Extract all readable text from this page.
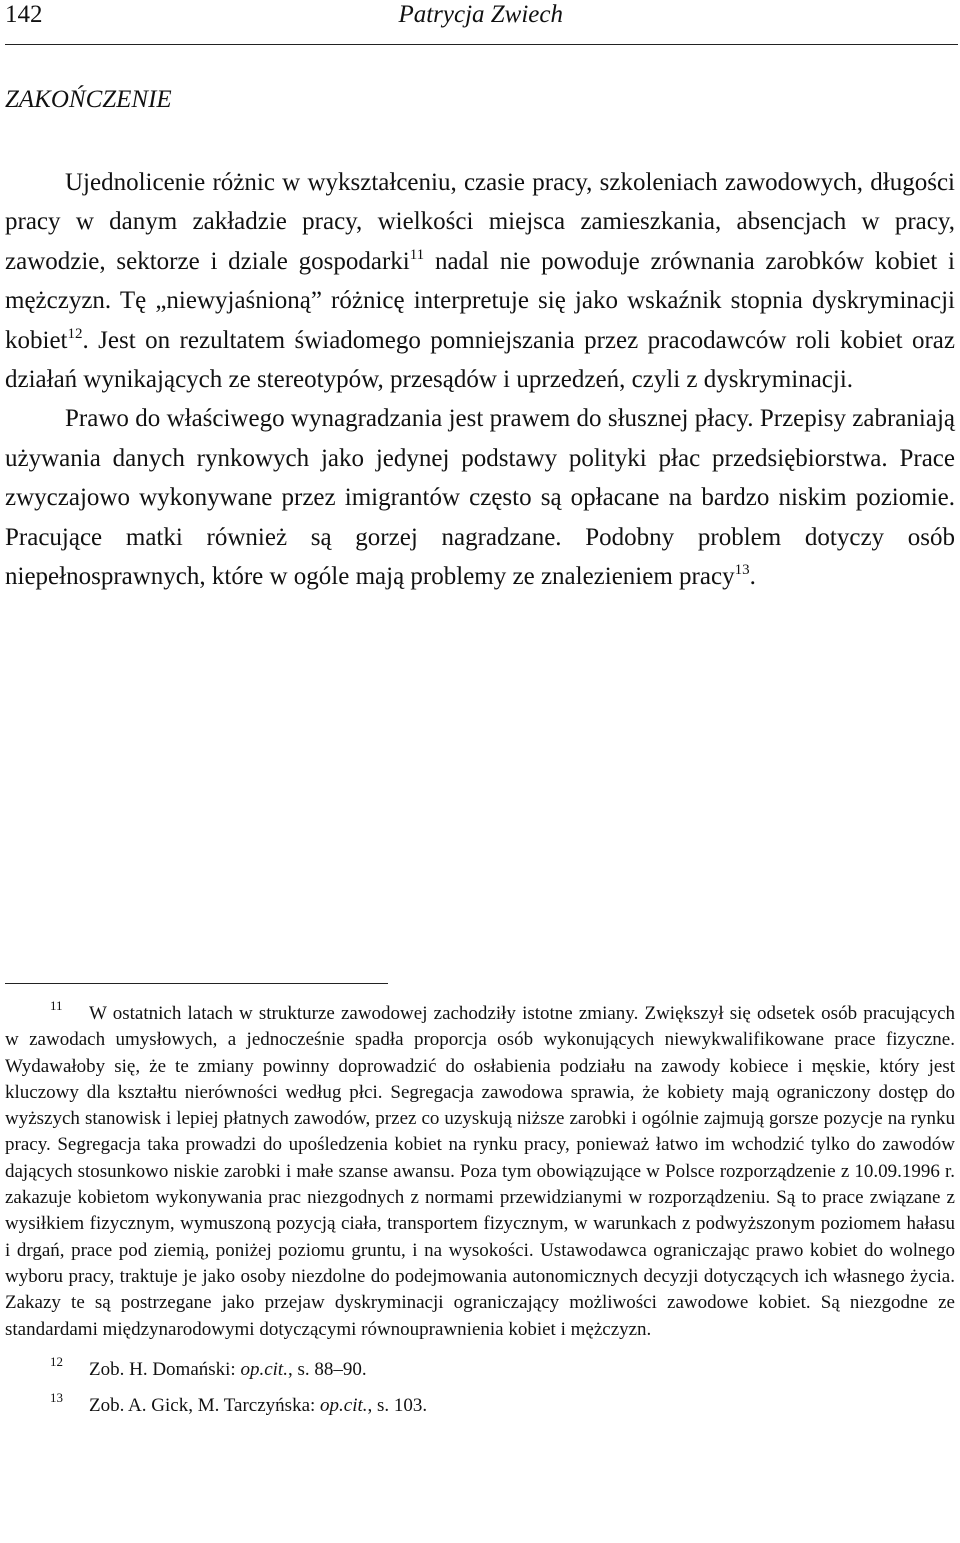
142	Patrycja Zwiech
ZAKOŃCZENIE

Ujednolicenie różnic w wykształceniu, czasie pracy, szkoleniach zawodowych, długości pracy w danym zakładzie pracy, wielkości miejsca zamieszkania, absencjach w pracy, zawodzie, sektorze i dziale gospodarki$^{11}$ nadal nie powoduje zrównania zarobków kobiet i mężczyzn. Tę „niewyjaśnioną” różnicę interpretuje się jako wskaźnik stopnia dyskryminacji kobiet$^{12}$. Jest on rezultatem świadomego pomniejszania przez pracodawców roli kobiet oraz działań wynikających ze stereotypów, przesądów i uprzedzeń, czyli z dyskryminacji.

Prawo do właściwego wynagradzania jest prawem do słusznej płacy. Przepisy zabraniają używania danych rynkowych jako jedynej podstawy polityki płac przedsiębiorstwa. Prace zwyczajowo wykonywane przez imigrantów często są opłacane na bardzo niskim poziomie. Pracujące matki również są gorzej nagradzane. Podobny problem dotyczy osób niepełnosprawnych, które w ogóle mają problemy ze znalezieniem pracy$^{13}$.

11 W ostatnich latach w strukturze zawodowej zachodziły istotne zmiany. Zwiększył się odsetek osób pracujących w zawodach umysłowych, a jednocześnie spadła proporcja osób wykonujących niewykwalifikowane prace fizyczne. Wydawałoby się, że te zmiany powinny doprowadzić do osłabienia podziału na zawody kobiece i męskie, który jest kluczowy dla kształtu nierówności według płci. Segregacja zawodowa sprawia, że kobiety mają ograniczony dostęp do wyższych stanowisk i lepiej płatnych zawodów, przez co uzyskują niższe zarobki i ogólnie zajmują gorsze pozycje na rynku pracy. Segregacja taka prowadzi do upośledzenia kobiet na rynku pracy, ponieważ łatwo im wchodzić tylko do zawodów dających stosunkowo niskie zarobki i małe szanse awansu. Poza tym obowiązujące w Polsce rozporządzenie z 10.09.1996 r. zakazuje kobietom wykonywania prac niezgodnych z normami przewidzianymi w rozporządzeniu. Są to prace związane z wysiłkiem fizycznym, wymuszoną pozycją ciała, transportem fizycznym, w warunkach z podwyższonym poziomem hałasu i drgań, prace pod ziemią, poniżej poziomu gruntu, i na wysokości. Ustawodawca ograniczając prawo kobiet do wolnego wyboru pracy, traktuje je jako osoby niezdolne do podejmowania autonomicznych decyzji dotyczących ich własnego życia. Zakazy te są postrzegane jako przejaw dyskryminacji ograniczający możliwości zawodowe kobiet. Są niezgodne ze standardami międzynarodowymi dotyczącymi równouprawnienia kobiet i mężczyzn.

12 Zob. H. Domański: op.cit., s. 88–90.

13 Zob. A. Gick, M. Tarczyńska: op.cit., s. 103.
